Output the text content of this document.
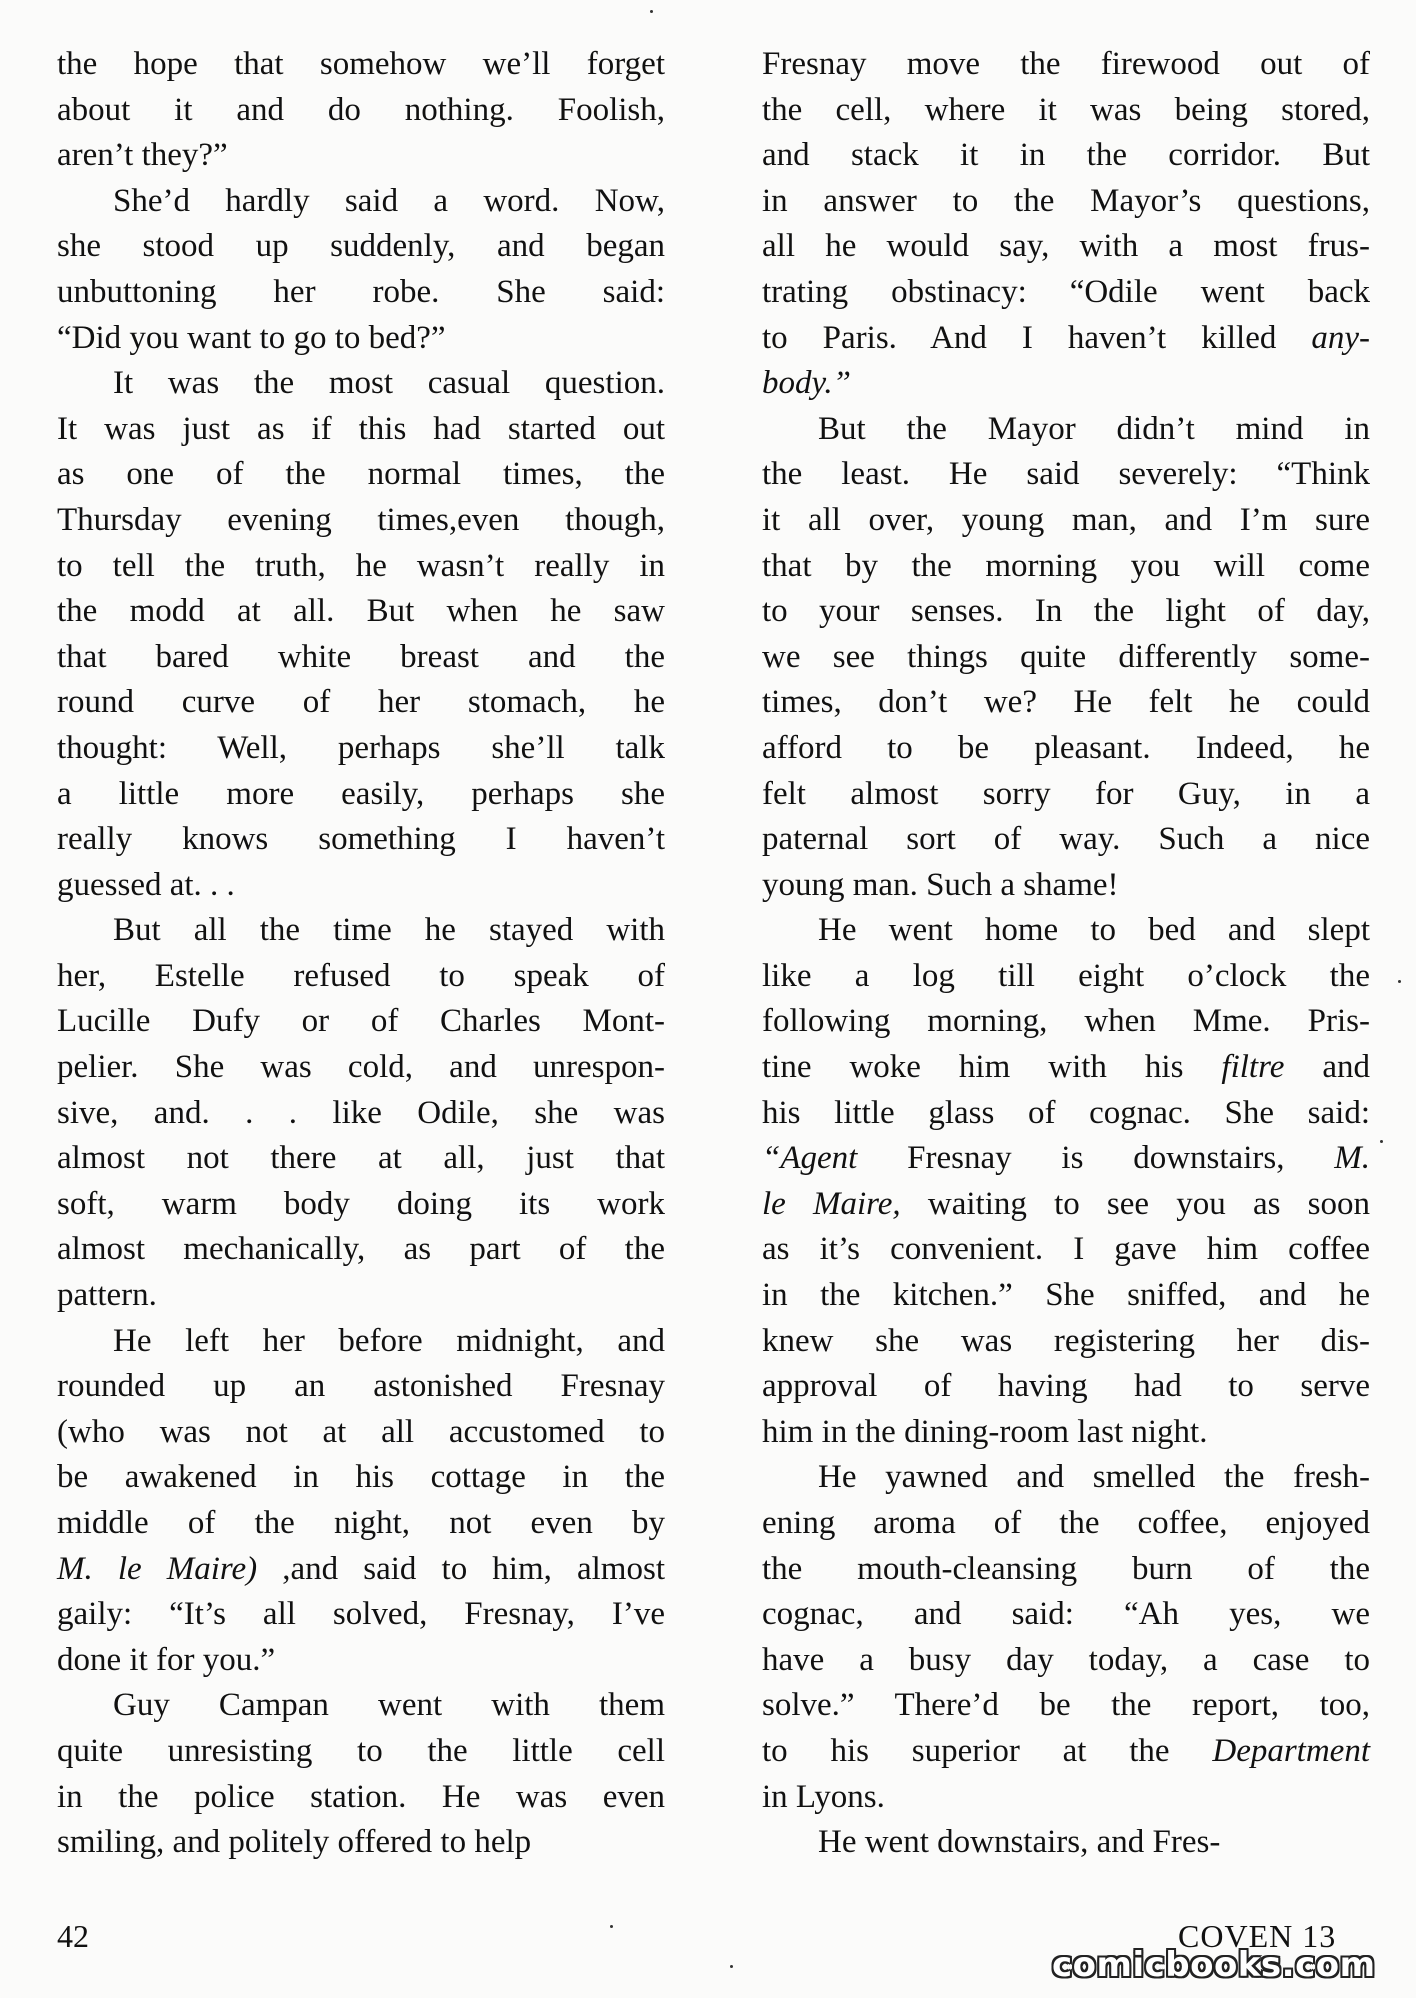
the hope that somehow we’ll forget
about it and do nothing. Foolish,
aren’t they?”
She’d hardly said a word. Now,
she stood up suddenly, and began
unbuttoning her robe. She said:
“Did you want to go to bed?”
It was the most casual question.
It was just as if this had started out
as one of the normal times, the
Thursday evening times,even though,
to tell the truth, he wasn’t really in
the modd at all. But when he saw
that bared white breast and the
round curve of her stomach, he
thought: Well, perhaps she’ll talk
a little more easily, perhaps she
really knows something I haven’t
guessed at. . .
But all the time he stayed with
her, Estelle refused to speak of
Lucille Dufy or of Charles Mont-
pelier. She was cold, and unrespon-
sive, and. . . like Odile, she was
almost not there at all, just that
soft, warm body doing its work
almost mechanically, as part of the
pattern.
He left her before midnight, and
rounded up an astonished Fresnay
(who was not at all accustomed to
be awakened in his cottage in the
middle of the night, not even by
M. le Maire) ,and said to him, almost
gaily: “It’s all solved, Fresnay, I’ve
done it for you.”
Guy Campan went with them
quite unresisting to the little cell
in the police station. He was even
smiling, and politely offered to help
Fresnay move the firewood out of
the cell, where it was being stored,
and stack it in the corridor. But
in answer to the Mayor’s questions,
all he would say, with a most frus-
trating obstinacy: “Odile went back
to Paris. And I haven’t killed any-
body.”
But the Mayor didn’t mind in
the least. He said severely: “Think
it all over, young man, and I’m sure
that by the morning you will come
to your senses. In the light of day,
we see things quite differently some-
times, don’t we? He felt he could
afford to be pleasant. Indeed, he
felt almost sorry for Guy, in a
paternal sort of way. Such a nice
young man. Such a shame!
He went home to bed and slept
like a log till eight o’clock the
following morning, when Mme. Pris-
tine woke him with his filtre and
his little glass of cognac. She said:
“Agent Fresnay is downstairs, M.
le Maire, waiting to see you as soon
as it’s convenient. I gave him coffee
in the kitchen.” She sniffed, and he
knew she was registering her dis-
approval of having had to serve
him in the dining-room last night.
He yawned and smelled the fresh-
ening aroma of the coffee, enjoyed
the mouth-cleansing burn of the
cognac, and said: “Ah yes, we
have a busy day today, a case to
solve.” There’d be the report, too,
to his superior at the Department
in Lyons.
He went downstairs, and Fres-
42	COVEN 13
comicbooks.com
